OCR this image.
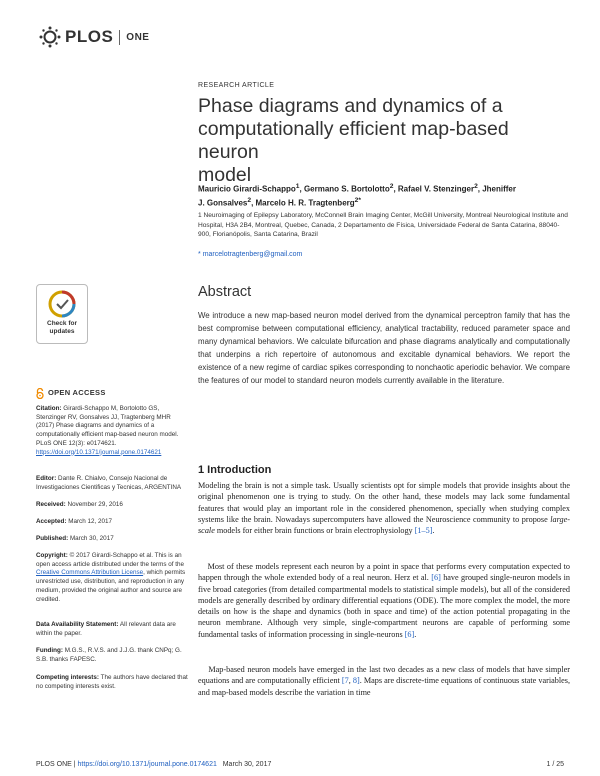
PLOS ONE
RESEARCH ARTICLE
Phase diagrams and dynamics of a
computationally efficient map-based neuron
model
Mauricio Girardi-Schappo$^1$, Germano S. Bortolotto$^2$, Rafael V. Stenzinger$^2$, Jheniffer
J. Gonsalves$^2$, Marcelo H. R. Tragtenberg$^{2*}$
1 Neuroimaging of Epilepsy Laboratory, McConnell Brain Imaging Center, McGill University, Montreal Neurological Institute and Hospital, H3A 2B4, Montreal, Quebec, Canada, 2 Departamento de Física, Universidade Federal de Santa Catarina, 88040-900, Florianópolis, Santa Catarina, Brazil
* marcelotragtenberg@gmail.com
Abstract
We introduce a new map-based neuron model derived from the dynamical perceptron family that has the best compromise between computational efficiency, analytical tractability, reduced parameter space and many dynamical behaviors. We calculate bifurcation and phase diagrams analytically and computationally that underpins a rich repertoire of autonomous and excitable dynamical behaviors. We report the existence of a new regime of cardiac spikes corresponding to nonchaotic aperiodic behavior. We compare the features of our model to standard neuron models currently available in the literature.
1 Introduction
Modeling the brain is not a simple task. Usually scientists opt for simple models that provide insights about the original phenomenon one is trying to study. On the other hand, these models may lack some fundamental features that would play an important role in the considered phenomenon, specially when studying complex systems like the brain. Nowadays supercomputers have allowed the Neuroscience community to propose large-scale models for either brain functions or brain electrophysiology [1–5].
Most of these models represent each neuron by a point in space that performs every computation expected to happen through the whole extended body of a real neuron. Herz et al. [6] have grouped single-neuron models in five broad categories (from detailed compartmental models to statistical simple models), but all of the considered models are generally described by ordinary differential equations (ODE). The more complex the model, the more details on how is the shape and dynamics (both in space and time) of the action potential propagating in the neuron membrane. Although very simple, single-compartment neurons are capable of performing some fundamental tasks of information processing in single-neurons [6].
Map-based neuron models have emerged in the last two decades as a new class of models that have simpler equations and are computationally efficient [7, 8]. Maps are discrete-time equations of continuous state variables, and map-based models describe the variation in time
Check for
updates
OPEN ACCESS
Citation: Girardi-Schappo M, Bortolotto GS, Stenzinger RV, Gonsalves JJ, Tragtenberg MHR (2017) Phase diagrams and dynamics of a computationally efficient map-based neuron model. PLoS ONE 12(3): e0174621. https://doi.org/10.1371/journal.pone.0174621
Editor: Dante R. Chialvo, Consejo Nacional de Investigaciones Cientificas y Tecnicas, ARGENTINA
Received: November 29, 2016
Accepted: March 12, 2017
Published: March 30, 2017
Copyright: © 2017 Girardi-Schappo et al. This is an open access article distributed under the terms of the Creative Commons Attribution License, which permits unrestricted use, distribution, and reproduction in any medium, provided the original author and source are credited.
Data Availability Statement: All relevant data are within the paper.
Funding: M.G.S., R.V.S. and J.J.G. thank CNPq; G. S.B. thanks FAPESC.
Competing interests: The authors have declared that no competing interests exist.
PLOS ONE | https://doi.org/10.1371/journal.pone.0174621 March 30, 2017	1 / 25
